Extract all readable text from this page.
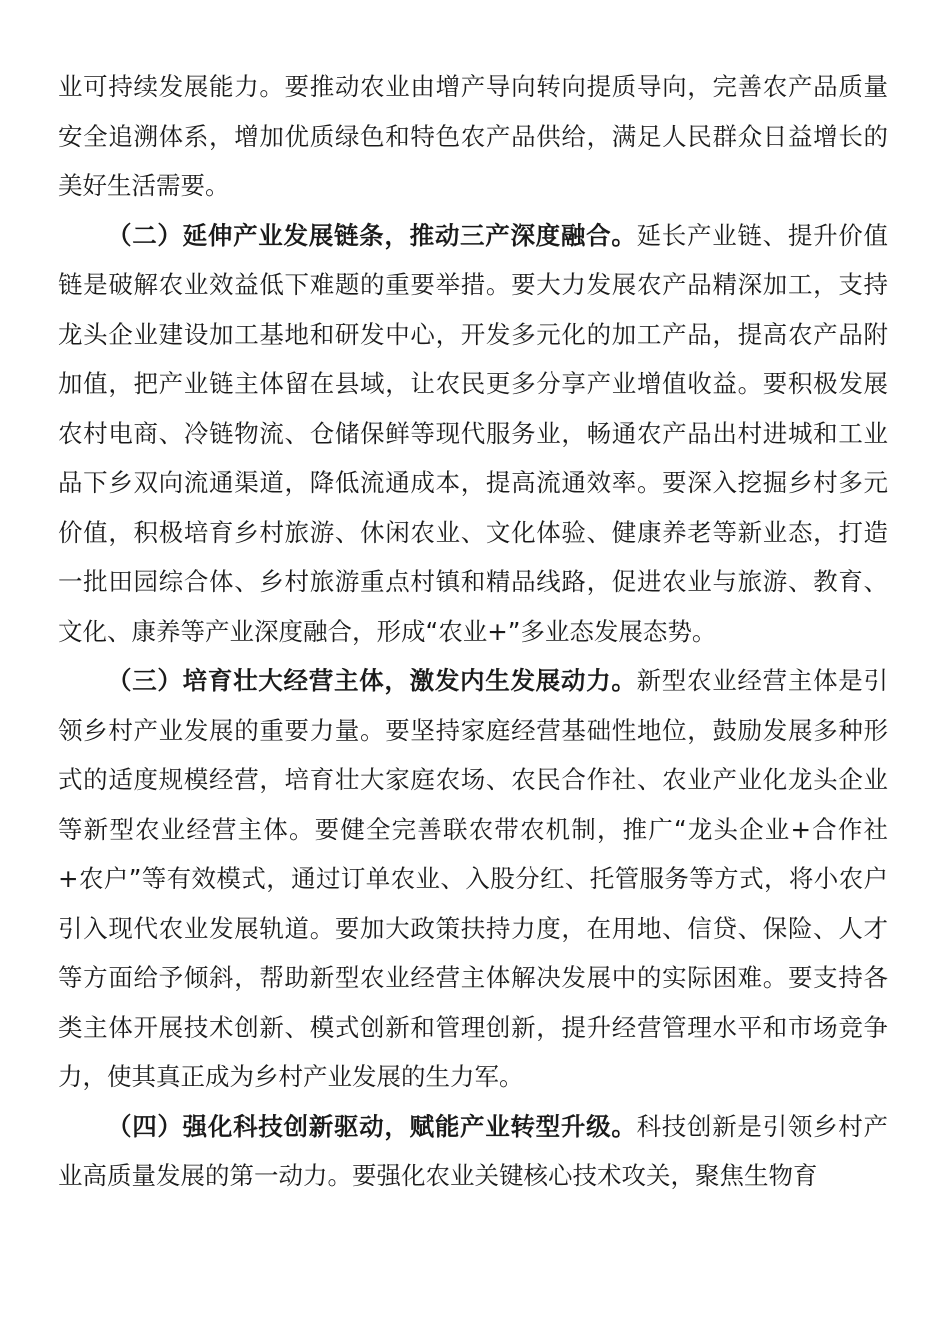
业可持续发展能力。要推动农业由增产导向转向提质导向，完善农产品质量安全追溯体系，增加优质绿色和特色农产品供给，满足人民群众日益增长的美好生活需要。

（二）延伸产业发展链条，推动三产深度融合。延长产业链、提升价值链是破解农业效益低下难题的重要举措。要大力发展农产品精深加工，支持龙头企业建设加工基地和研发中心，开发多元化的加工产品，提高农产品附加值，把产业链主体留在县域，让农民更多分享产业增值收益。要积极发展农村电商、冷链物流、仓储保鲜等现代服务业，畅通农产品出村进城和工业品下乡双向流通渠道，降低流通成本，提高流通效率。要深入挖掘乡村多元价值，积极培育乡村旅游、休闲农业、文化体验、健康养老等新业态，打造一批田园综合体、乡村旅游重点村镇和精品线路，促进农业与旅游、教育、文化、康养等产业深度融合，形成“农业+”多业态发展态势。

（三）培育壮大经营主体，激发内生发展动力。新型农业经营主体是引领乡村产业发展的重要力量。要坚持家庭经营基础性地位，鼓励发展多种形式的适度规模经营，培育壮大家庭农场、农民合作社、农业产业化龙头企业等新型农业经营主体。要健全完善联农带农机制，推广“龙头企业+合作社+农户”等有效模式，通过订单农业、入股分红、托管服务等方式，将小农户引入现代农业发展轨道。要加大政策扶持力度，在用地、信贷、保险、人才等方面给予倾斜，帮助新型农业经营主体解决发展中的实际困难。要支持各类主体开展技术创新、模式创新和管理创新，提升经营管理水平和市场竞争力，使其真正成为乡村产业发展的生力军。

（四）强化科技创新驱动，赋能产业转型升级。科技创新是引领乡村产业高质量发展的第一动力。要强化农业关键核心技术攻关，聚焦生物育
